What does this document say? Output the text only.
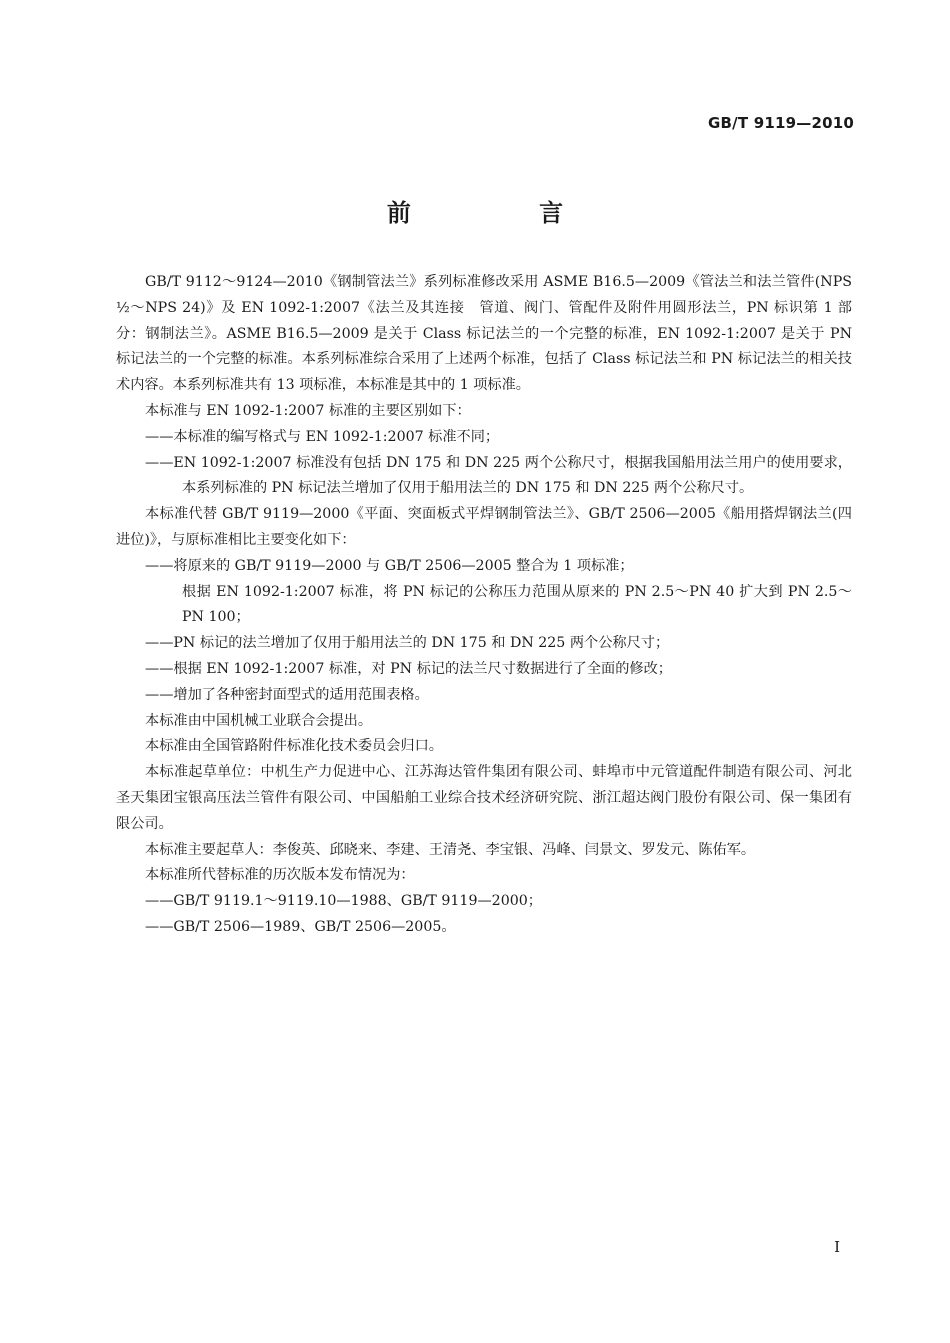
GB/T 9119—2010
前 言

GB/T 9112～9124—2010《钢制管法兰》系列标准修改采用 ASME B16.5—2009《管法兰和法兰管件(NPS ½～NPS 24)》及 EN 1092-1:2007《法兰及其连接　管道、阀门、管配件及附件用圆形法兰，PN 标识第 1 部分：钢制法兰》。ASME B16.5—2009 是关于 Class 标记法兰的一个完整的标准，EN 1092-1:2007 是关于 PN 标记法兰的一个完整的标准。本系列标准综合采用了上述两个标准，包括了 Class 标记法兰和 PN 标记法兰的相关技术内容。本系列标准共有 13 项标准，本标准是其中的 1 项标准。

本标准与 EN 1092-1:2007 标准的主要区别如下：

——本标准的编写格式与 EN 1092-1:2007 标准不同；

——EN 1092-1:2007 标准没有包括 DN 175 和 DN 225 两个公称尺寸，根据我国船用法兰用户的使用要求，本系列标准的 PN 标记法兰增加了仅用于船用法兰的 DN 175 和 DN 225 两个公称尺寸。

本标准代替 GB/T 9119—2000《平面、突面板式平焊钢制管法兰》、GB/T 2506—2005《船用搭焊钢法兰(四进位)》，与原标准相比主要变化如下：

——将原来的 GB/T 9119—2000 与 GB/T 2506—2005 整合为 1 项标准；

根据 EN 1092-1:2007 标准，将 PN 标记的公称压力范围从原来的 PN 2.5～PN 40 扩大到 PN 2.5～PN 100；

——PN 标记的法兰增加了仅用于船用法兰的 DN 175 和 DN 225 两个公称尺寸；

——根据 EN 1092-1:2007 标准，对 PN 标记的法兰尺寸数据进行了全面的修改；

——增加了各种密封面型式的适用范围表格。

本标准由中国机械工业联合会提出。

本标准由全国管路附件标准化技术委员会归口。

本标准起草单位：中机生产力促进中心、江苏海达管件集团有限公司、蚌埠市中元管道配件制造有限公司、河北圣天集团宝银高压法兰管件有限公司、中国船舶工业综合技术经济研究院、浙江超达阀门股份有限公司、保一集团有限公司。

本标准主要起草人：李俊英、邱晓来、李建、王清尧、李宝银、冯峰、闫景文、罗发元、陈佑军。

本标准所代替标准的历次版本发布情况为：

——GB/T 9119.1～9119.10—1988、GB/T 9119—2000；

——GB/T 2506—1989、GB/T 2506—2005。

I
